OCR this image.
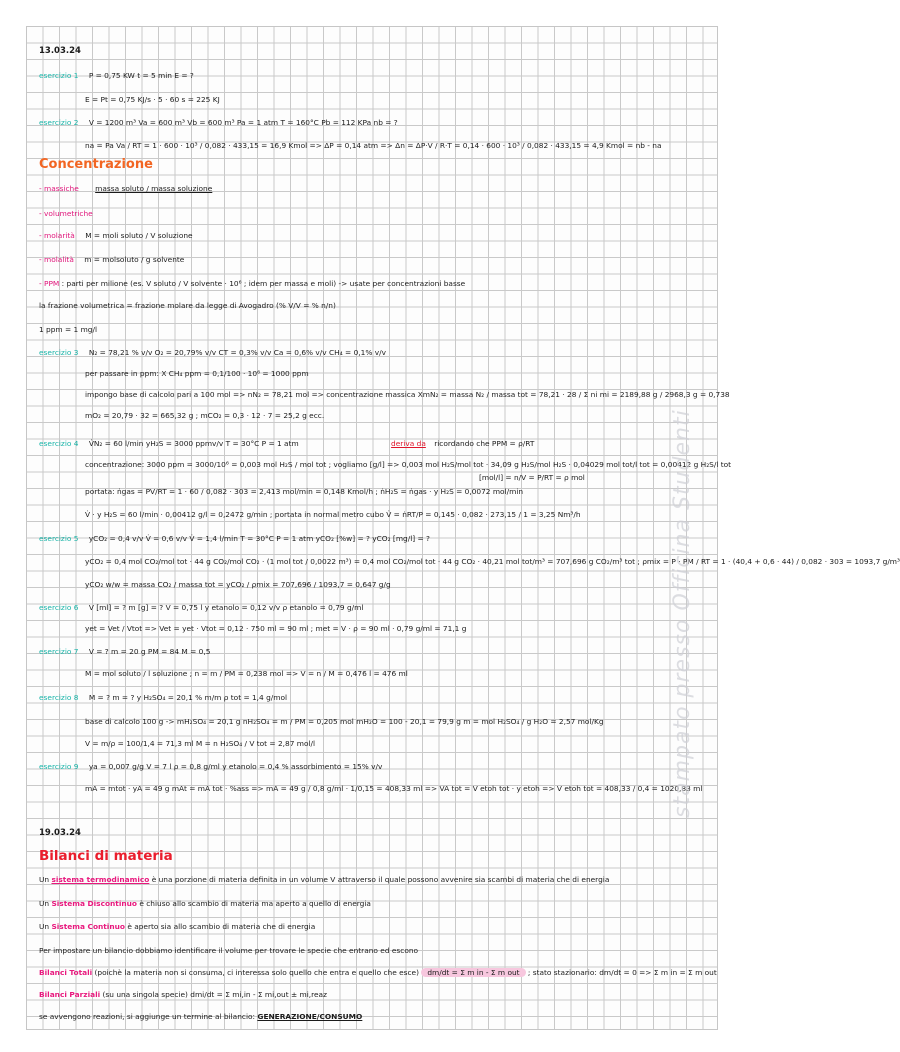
13.03.24
esercizio 1 P = 0,75 KW t = 5 min E = ?
E = Pt = 0,75 KJ/s · 5 · 60 s = 225 KJ
esercizio 2 V = 1200 m³ Va = 600 m³ Vb = 600 m³ Pa = 1 atm T = 160°C Pb = 112 KPa nb = ?
na = Pa Va / RT = 1 · 600 · 10³ / 0,082 · 433,15 = 16,9 Kmol => ΔP = 0,14 atm => Δn = ΔP·V / R·T = 0,14 · 600 · 10³ / 0,082 · 433,15 = 4,9 Kmol = nb - na
Concentrazione
- massiche massa soluto / massa soluzione
- volumetriche
- molarità M = moli soluto / V soluzione
- molalità m = molsoluto / g solvente
- PPM : parti per milione (es. V soluto / V solvente · 10⁶ ; idem per massa e moli) -> usate per concentrazioni basse
la frazione volumetrica = frazione molare da legge di Avogadro (% V/V = % n/n)
1 ppm = 1 mg/l
esercizio 3 N₂ = 78,21 % v/v O₂ = 20,79% v/v CT = 0,3% v/v Ca = 0,6% v/v CH₄ = 0,1% v/v
per passare in ppm: X CH₄ ppm = 0,1/100 · 10⁶ = 1000 ppm
impongo base di calcolo pari a 100 mol => nN₂ = 78,21 mol => concentrazione massica XmN₂ = massa N₂ / massa tot = 78,21 · 28 / Σ ni mi = 2189,88 g / 2968,3 g = 0,738
mO₂ = 20,79 · 32 = 665,32 g ; mCO₂ = 0,3 · 12 · 7 = 25,2 g ecc.
esercizio 4 V̇N₂ = 60 l/min yH₂S = 3000 ppmv/v T = 30°C P = 1 atm	deriva da ricordando che PPM = ρ/RT
concentrazione: 3000 ppm = 3000/10⁶ = 0,003 mol H₂S / mol tot ; vogliamo [g/l] => 0,003 mol H₂S/mol tot · 34,09 g H₂S/mol H₂S · 0,04029 mol tot/l tot = 0,00412 g H₂S/l tot
[mol/l] = n/V = P/RT = ρ mol
portata: ṅgas = PV/RT = 1 · 60 / 0,082 · 303 = 2,413 mol/min = 0,148 Kmol/h ; ṅH₂S = ṅgas · y H₂S = 0,0072 mol/min
V̇ · y H₂S = 60 l/min · 0,00412 g/l = 0,2472 g/min ; portata in normal metro cubo V̇ = ṅRT/P = 0,145 · 0,082 · 273,15 / 1 = 3,25 Nm³/h
esercizio 5 yCO₂ = 0,4 v/v V̇ = 0,6 v/v V̇ = 1,4 l/min T = 30°C P = 1 atm yCO₂ [%w] = ? yCO₂ [mg/l] = ?
yCO₂ = 0,4 mol CO₂/mol tot · 44 g CO₂/mol CO₂ · (1 mol tot / 0,0022 m³) = 0,4 mol CO₂/mol tot · 44 g CO₂ · 40,21 mol tot/m³ = 707,696 g CO₂/m³ tot ; ρmix = P · PM / RT = 1 · (40,4 + 0,6 · 44) / 0,082 · 303 = 1093,7 g/m³
yCO₂ w/w = massa CO₂ / massa tot = yCO₂ / ρmix = 707,696 / 1093,7 = 0,647 g/g
esercizio 6 V [ml] = ? m [g] = ? V = 0,75 l y etanolo = 0,12 v/v ρ etanolo = 0,79 g/ml
yet = Vet / Vtot => Vet = yet · Vtot = 0,12 · 750 ml = 90 ml ; met = V · ρ = 90 ml · 0,79 g/ml = 71,1 g
esercizio 7 V = ? m = 20 g PM = 84 M = 0,5
M = mol soluto / l soluzione ; n = m / PM = 0,238 mol => V = n / M = 0,476 l = 476 ml
esercizio 8 M = ? m = ? y H₂SO₄ = 20,1 % m/m ρ tot = 1,4 g/mol
base di calcolo 100 g -> mH₂SO₄ = 20,1 g nH₂SO₄ = m / PM = 0,205 mol mH₂O = 100 - 20,1 = 79,9 g m = mol H₂SO₄ / g H₂O = 2,57 mol/Kg
V = m/ρ = 100/1,4 = 71,3 ml M = n H₂SO₄ / V tot = 2,87 mol/l
esercizio 9 ya = 0,007 g/g V = 7 l ρ = 0,8 g/ml y etanolo = 0,4 % assorbimento = 15% v/v
mA = mtot · yA = 49 g mAt = mA tot · %ass => mA = 49 g / 0,8 g/ml · 1/0,15 = 408,33 ml => VA tot = V etoh tot · y etoh => V etoh tot = 408,33 / 0,4 = 1020,83 ml
19.03.24
Bilanci di materia
Un sistema termodinamico è una porzione di materia definita in un volume V attraverso il quale possono avvenire sia scambi di materia che di energia
Un Sistema Discontinuo è chiuso allo scambio di materia ma aperto a quello di energia
Un Sistema Continuo è aperto sia allo scambio di materia che di energia
Per impostare un bilancio dobbiamo identificare il volume per trovare le specie che entrano ed escono
Bilanci Totali (poichè la materia non si consuma, ci interessa solo quello che entra e quello che esce) dm/dt = Σ m in - Σ m out ; stato stazionario: dm/dt = 0 => Σ m in = Σ m out
Bilanci Parziali (su una singola specie) dmi/dt = Σ mi,in - Σ mi,out ± mi,reaz
se avvengono reazioni, si aggiunge un termine al bilancio: GENERAZIONE/CONSUMO
stampato presso Officina Studenti
